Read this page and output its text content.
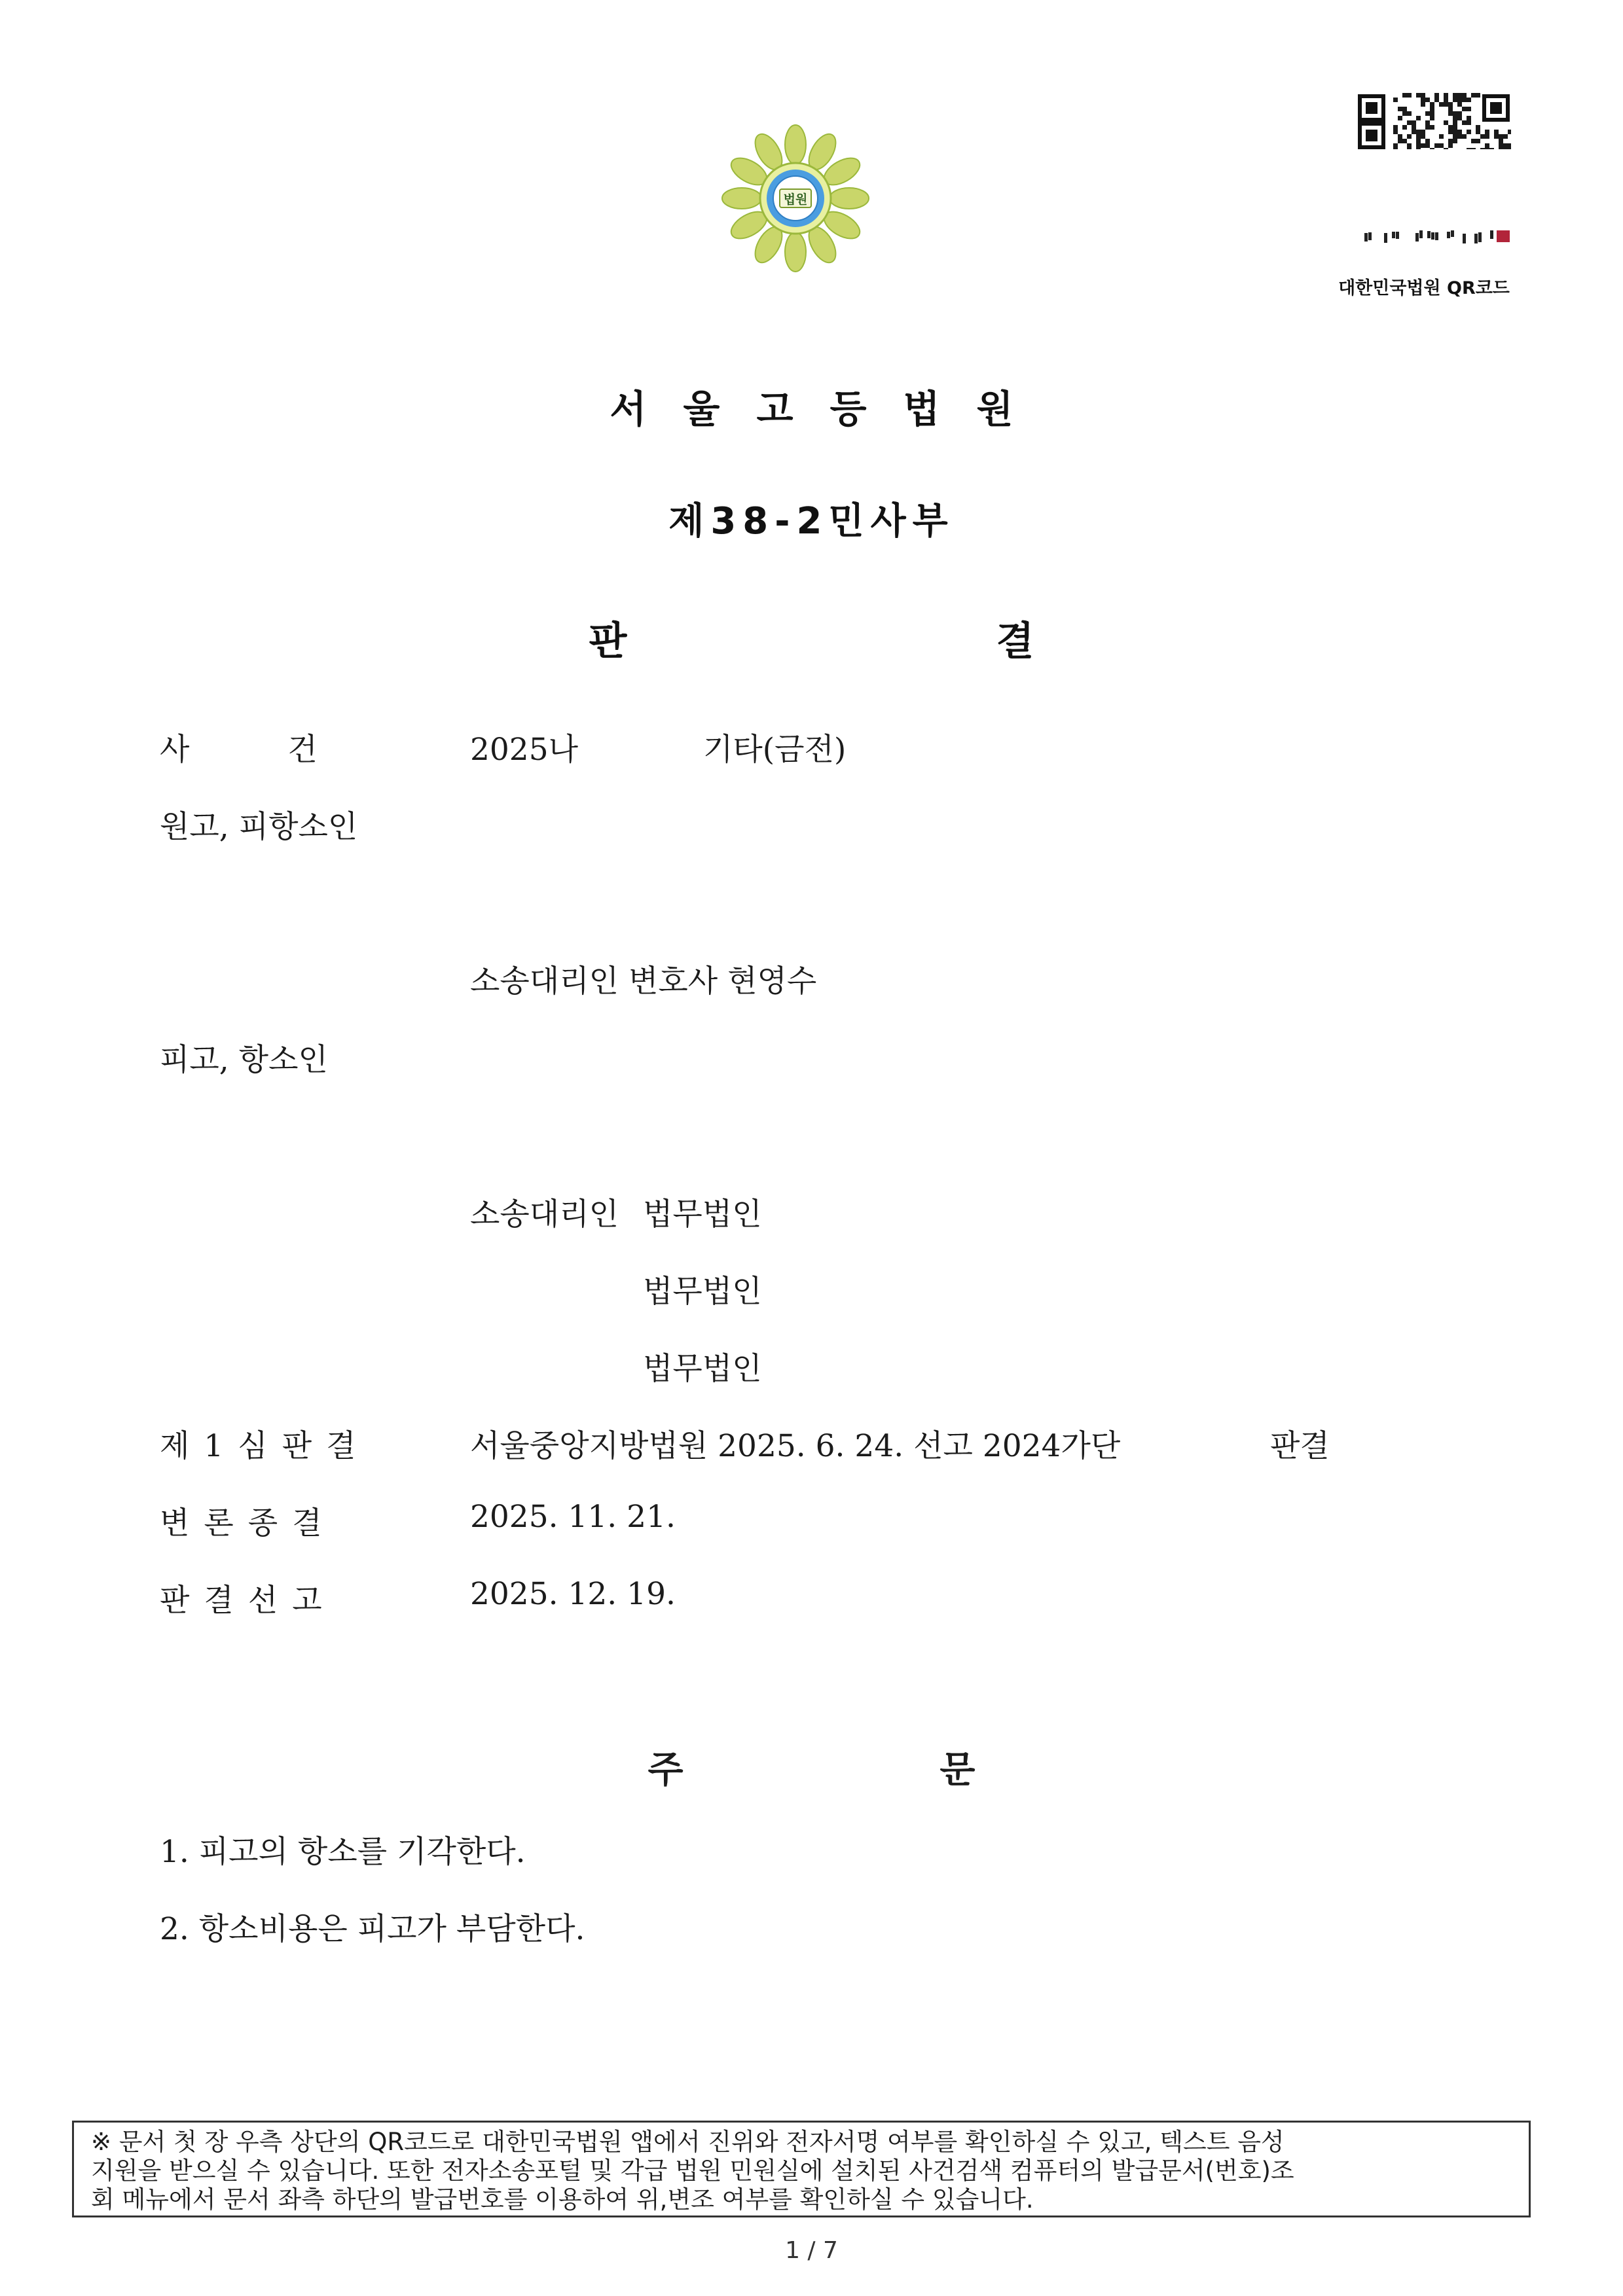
법원
대한민국법원 QR코드
서울고등법원
제38-2민사부
판	결
사	건	2025나	기타(금전)
원고, 피항소인
소송대리인 변호사 현영수
피고, 항소인
소송대리인 법무법인
법무법인
법무법인
제1심판결	서울중앙지방법원 2025. 6. 24. 선고 2024가단	판결
변론종결	2025. 11. 21.
판결선고	2025. 12. 19.
주	문
1. 피고의 항소를 기각한다.
2. 항소비용은 피고가 부담한다.
※ 문서 첫 장 우측 상단의 QR코드로 대한민국법원 앱에서 진위와 전자서명 여부를 확인하실 수 있고, 텍스트 음성
지원을 받으실 수 있습니다. 또한 전자소송포털 및 각급 법원 민원실에 설치된 사건검색 컴퓨터의 발급문서(번호)조
회 메뉴에서 문서 좌측 하단의 발급번호를 이용하여 위,변조 여부를 확인하실 수 있습니다.
1 / 7
